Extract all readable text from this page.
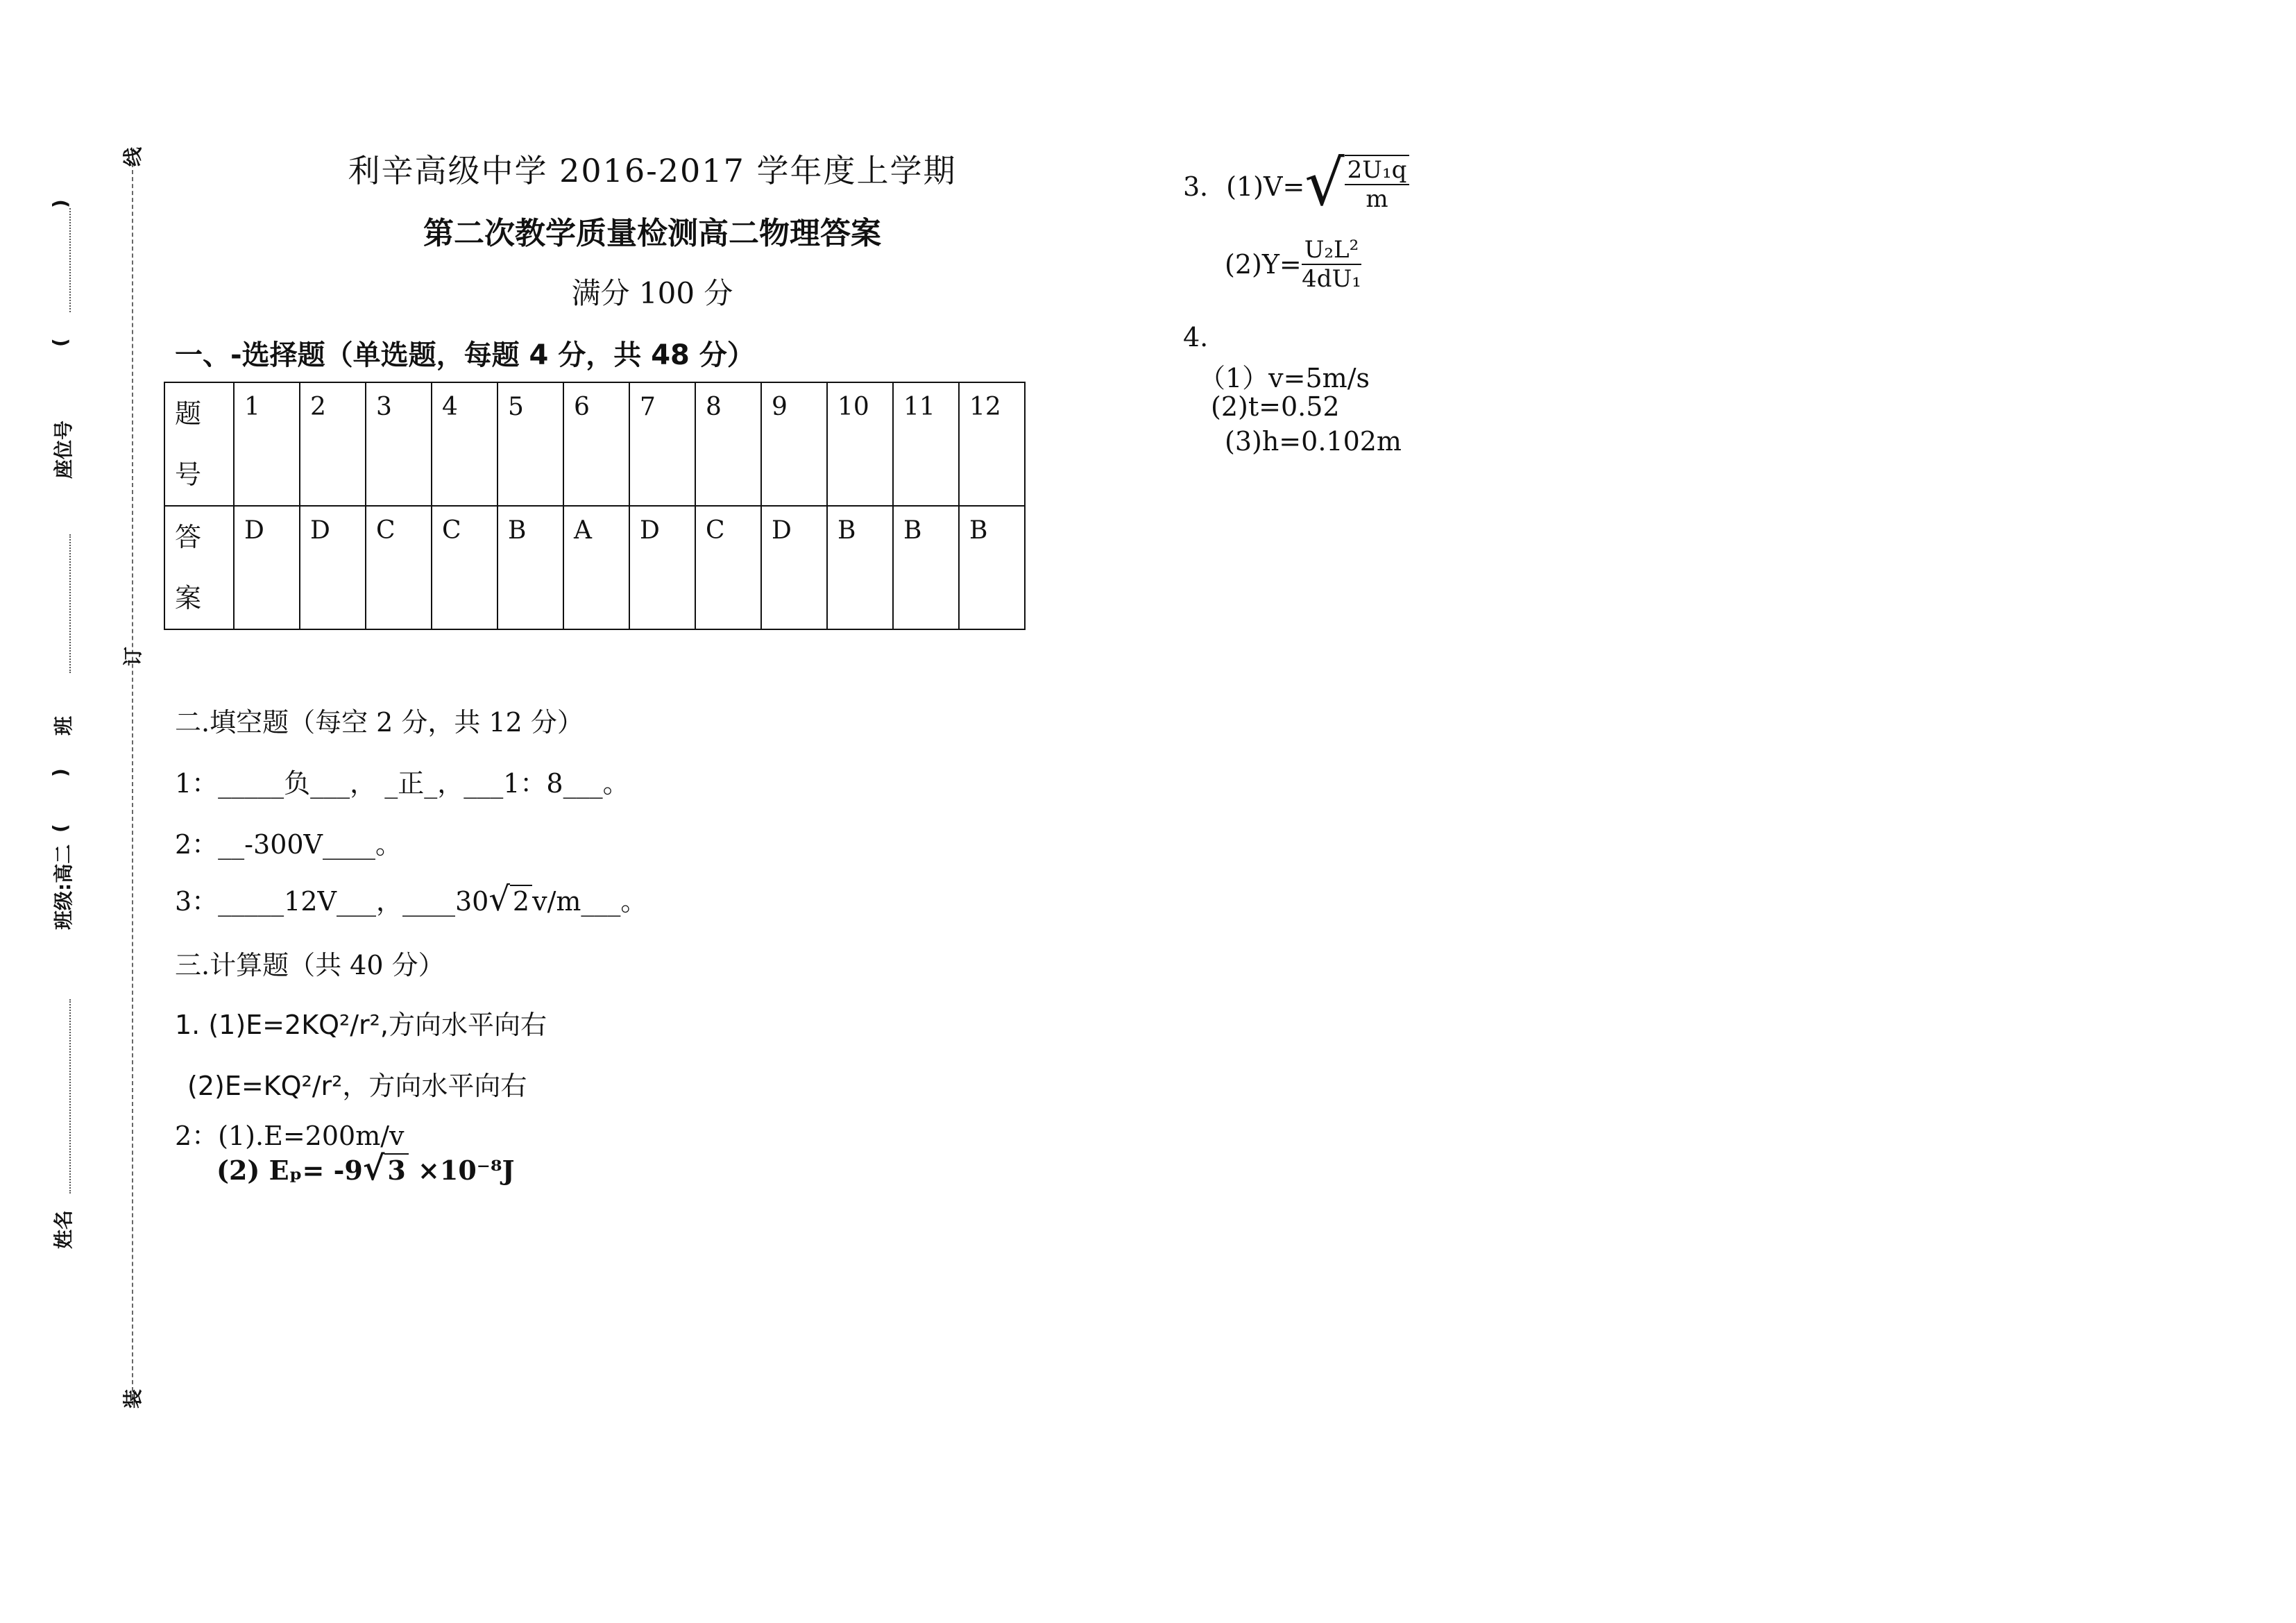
线
订
装
)
(
座位号
班
)
(
班级:高二
姓名
利辛高级中学 2016-2017 学年度上学期
第二次教学质量检测高二物理答案
满分 100 分
一、-选择题（单选题，每题 4 分，共 48 分）
题
号	1	2	3	4	5	6	7	8	9	10	11	12

答
案	D	D	C	C	B	A	D	C	D	B	B	B
二.填空题（每空 2 分，共 12 分）
1：_____负___， _正_，___1：8___。
2：__-300V____。
3：_____12V___，____30√ 2 v/m___。
三.计算题（共 40 分）
1. (1)E=2KQ²/r²,方向水平向右
(2)E=KQ²/r²，方向水平向右
2：(1).E=200m/v
(2) Eₚ= -9√ 3 ×10⁻⁸J
3．(1)V= √ $\frac{\text{2U₁q}}{m}$
$(2)Y= \frac{\text{U₂L²}}{\text{4dU₁}}$
4.
（1）v=5m/s
(2)t=0.52
(3)h=0.102m
